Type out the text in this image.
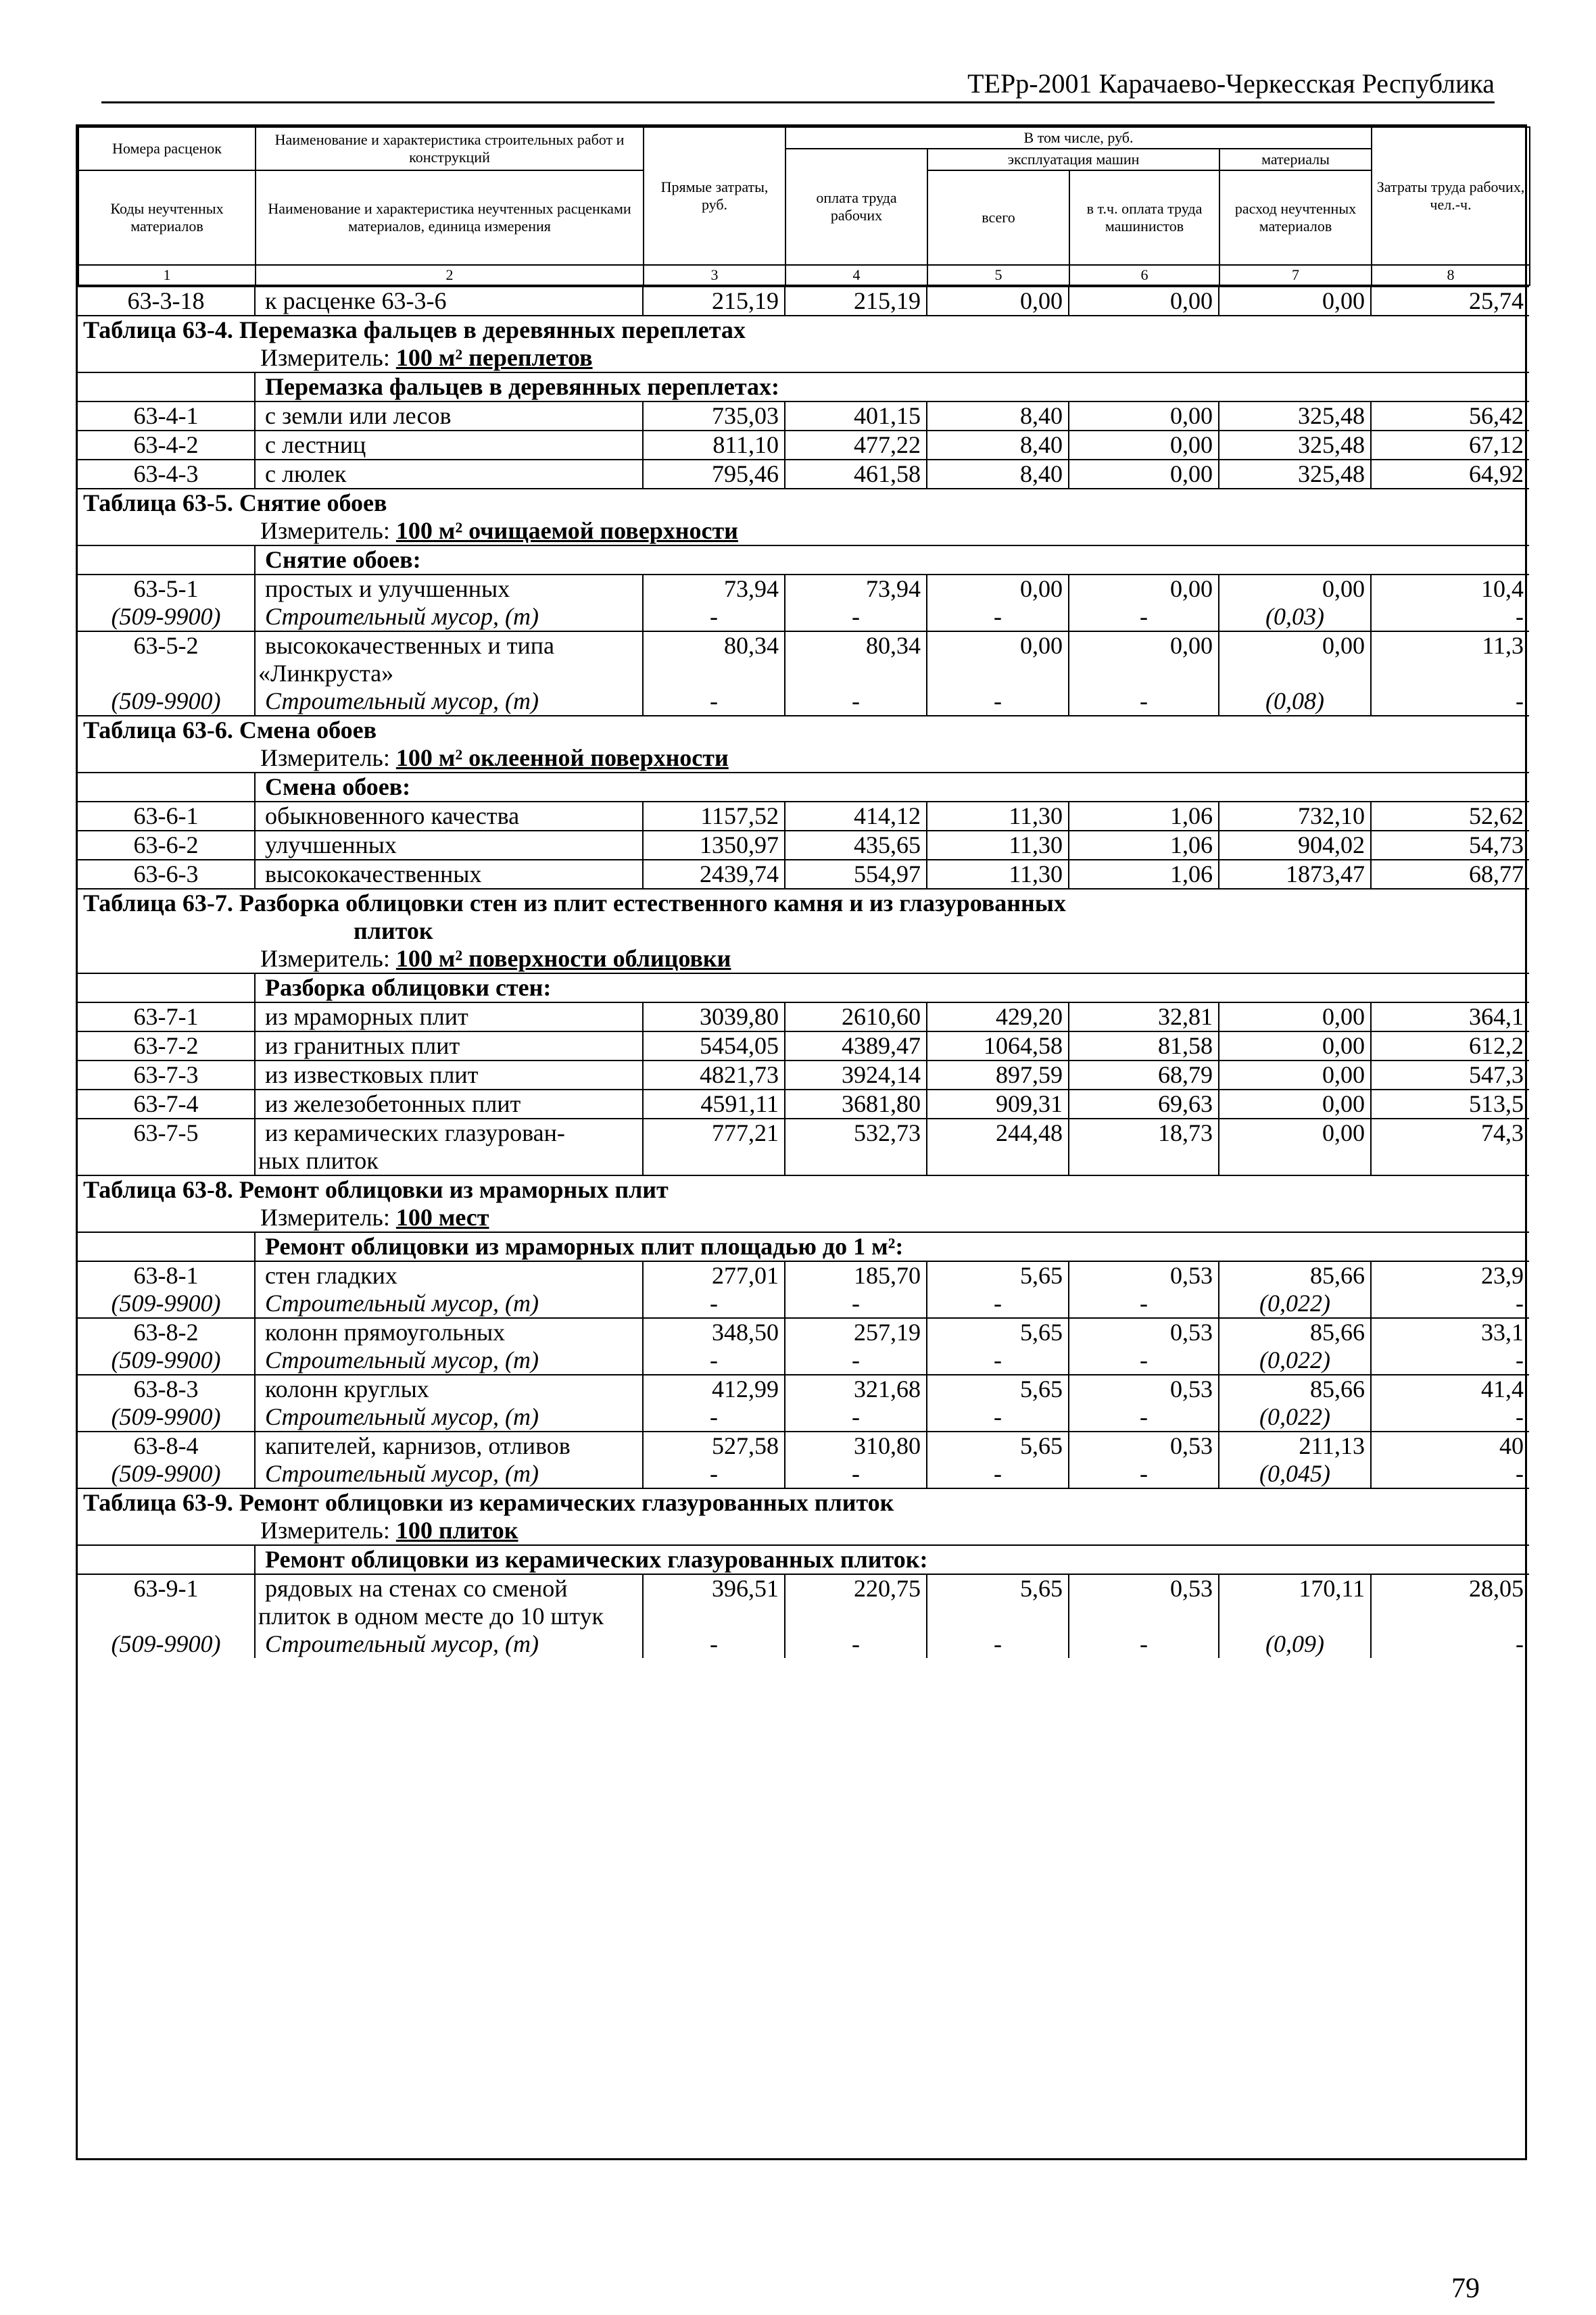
ТЕРр-2001 Карачаево-Черкесская Республика
Номера расценок	Наименование и характеристика строительных работ и конструкций	Прямые затраты, руб.	В том числе, руб.				Затраты труда рабочих, чел.-ч.
			оплата труда рабочих	эксплуатация машин		материалы	
Коды неучтенных материалов	Наименование и характеристика неучтенных расценками материалов, единица измерения			всего	в т.ч. оплата труда машинистов	расход неучтенных материалов	

1	2	3	4	5	6	7	8
63-3-18	к расценке 63-3-6	215,19	215,19	0,00	0,00	0,00	25,74
Таблица 63-4. Перемазка фальцев в деревянных переплетах							
	Измеритель: 100 м² переплетов						
	Перемазка фальцев в деревянных переплетах:						
63-4-1	с земли или лесов	735,03	401,15	8,40	0,00	325,48	56,42
63-4-2	с лестниц	811,10	477,22	8,40	0,00	325,48	67,12
63-4-3	с люлек	795,46	461,58	8,40	0,00	325,48	64,92
Таблица 63-5. Снятие обоев							
	Измеритель: 100 м² очищаемой поверхности						
	Снятие обоев:						
63-5-1	простых и улучшенных	73,94	73,94	0,00	0,00	0,00	10,4
(509-9900)	Строительный мусор, (т)	-	-	-	-	(0,03)	-
63-5-2	высококачественных и типа	80,34	80,34	0,00	0,00	0,00	11,3
	«Линкруста»						
(509-9900)	Строительный мусор, (т)	-	-	-	-	(0,08)	-
Таблица 63-6. Смена обоев							
	Измеритель: 100 м² оклеенной поверхности						
	Смена обоев:						
63-6-1	обыкновенного качества	1157,52	414,12	11,30	1,06	732,10	52,62
63-6-2	улучшенных	1350,97	435,65	11,30	1,06	904,02	54,73
63-6-3	высококачественных	2439,74	554,97	11,30	1,06	1873,47	68,77
Таблица 63-7. Разборка облицовки стен из плит естественного камня и из глазурованных
плиток							

	Измеритель: 100 м² поверхности облицовки						
	Разборка облицовки стен:						
63-7-1	из мраморных плит	3039,80	2610,60	429,20	32,81	0,00	364,1
63-7-2	из гранитных плит	5454,05	4389,47	1064,58	81,58	0,00	612,2
63-7-3	из известковых плит	4821,73	3924,14	897,59	68,79	0,00	547,3
63-7-4	из железобетонных плит	4591,11	3681,80	909,31	69,63	0,00	513,5
63-7-5	из керамических глазурован-	777,21	532,73	244,48	18,73	0,00	74,3
	ных плиток						
Таблица 63-8. Ремонт облицовки из мраморных плит							
	Измеритель: 100 мест						
	Ремонт облицовки из мраморных плит площадью до 1 м²:						
63-8-1	стен гладких	277,01	185,70	5,65	0,53	85,66	23,9
(509-9900)	Строительный мусор, (т)	-	-	-	-	(0,022)	-
63-8-2	колонн прямоугольных	348,50	257,19	5,65	0,53	85,66	33,1
(509-9900)	Строительный мусор, (т)	-	-	-	-	(0,022)	-
63-8-3	колонн круглых	412,99	321,68	5,65	0,53	85,66	41,4
(509-9900)	Строительный мусор, (т)	-	-	-	-	(0,022)	-
63-8-4	капителей, карнизов, отливов	527,58	310,80	5,65	0,53	211,13	40
(509-9900)	Строительный мусор, (т)	-	-	-	-	(0,045)	-
Таблица 63-9. Ремонт облицовки из керамических глазурованных плиток							
	Измеритель: 100 плиток						
	Ремонт облицовки из керамических глазурованных плиток:						
63-9-1	рядовых на стенах со сменой	396,51	220,75	5,65	0,53	170,11	28,05
	плиток в одном месте до 10 штук						
(509-9900)	Строительный мусор, (т)	-	-	-	-	(0,09)	-
79
